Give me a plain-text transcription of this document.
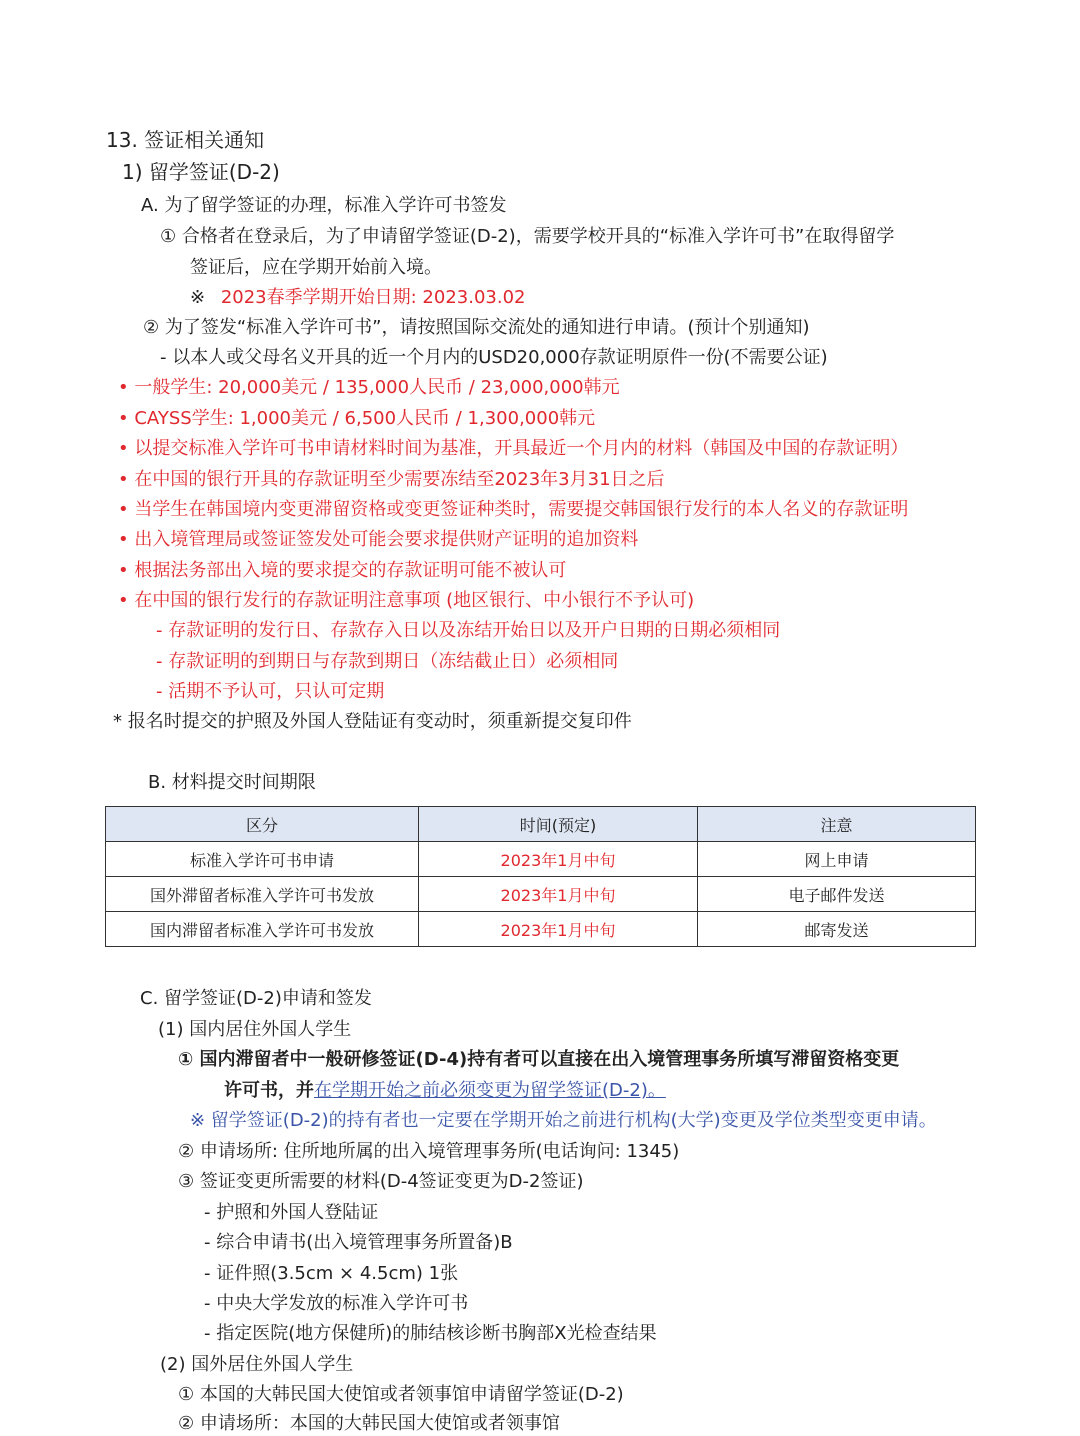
13. 签证相关通知
1) 留学签证(D-2)
A. 为了留学签证的办理，标准入学许可书签发
① 合格者在登录后，为了申请留学签证(D-2)，需要学校开具的“标准入学许可书”在取得留学
签证后，应在学期开始前入境。
※ 2023春季学期开始日期: 2023.03.02
② 为了签发“标准入学许可书”，请按照国际交流处的通知进行申请。(预计个别通知)
- 以本人或父母名义开具的近一个月内的USD20,000存款证明原件一份(不需要公证)
• 一般学生: 20,000美元 / 135,000人民币 / 23,000,000韩元
• CAYSS学生: 1,000美元 / 6,500人民币 / 1,300,000韩元
• 以提交标准入学许可书申请材料时间为基准，开具最近一个月内的材料（韩国及中国的存款证明）
• 在中国的银行开具的存款证明至少需要冻结至2023年3月31日之后
• 当学生在韩国境内变更滞留资格或变更签证种类时，需要提交韩国银行发行的本人名义的存款证明
• 出入境管理局或签证签发处可能会要求提供财产证明的追加资料
• 根据法务部出入境的要求提交的存款证明可能不被认可
• 在中国的银行发行的存款证明注意事项 (地区银行、中小银行不予认可)
- 存款证明的发行日、存款存入日以及冻结开始日以及开户日期的日期必须相同
- 存款证明的到期日与存款到期日（冻结截止日）必须相同
- 活期不予认可，只认可定期
* 报名时提交的护照及外国人登陆证有变动时，须重新提交复印件
B. 材料提交时间期限
区分	时间(预定)	注意
标准入学许可书申请	2023年1月中旬	网上申请
国外滞留者标准入学许可书发放	2023年1月中旬	电子邮件发送
国内滞留者标准入学许可书发放	2023年1月中旬	邮寄发送
C. 留学签证(D-2)申请和签发
(1) 国内居住外国人学生
① 国内滞留者中一般研修签证(D-4)持有者可以直接在出入境管理事务所填写滞留资格变更
许可书，并在学期开始之前必须变更为留学签证(D-2)。
※ 留学签证(D-2)的持有者也一定要在学期开始之前进行机构(大学)变更及学位类型变更申请。
② 申请场所: 住所地所属的出入境管理事务所(电话询问: 1345)
③ 签证变更所需要的材料(D-4签证变更为D-2签证)
- 护照和外国人登陆证
- 综合申请书(出入境管理事务所置备)B
- 证件照(3.5cm × 4.5cm) 1张
- 中央大学发放的标准入学许可书
- 指定医院(地方保健所)的肺结核诊断书胸部X光检查结果
(2) 国外居住外国人学生
① 本国的大韩民国大使馆或者领事馆申请留学签证(D-2)
② 申请场所：本国的大韩民国大使馆或者领事馆
